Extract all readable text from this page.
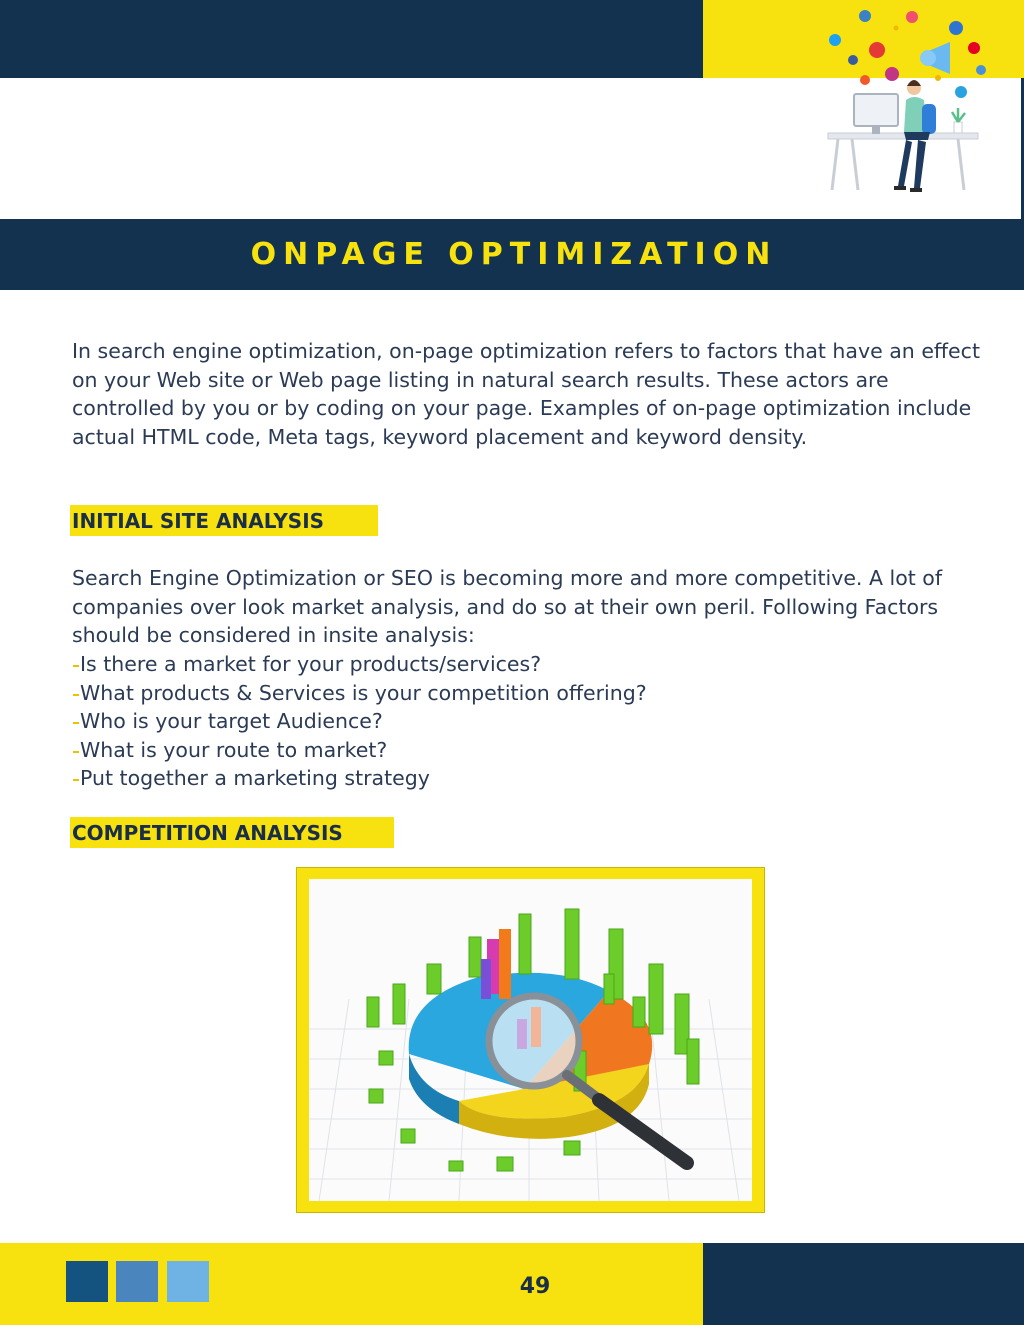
ONPAGE OPTIMIZATION

In search engine optimization, on-page optimization refers to factors that have an effect on your Web site or Web page listing in natural search results. These actors are controlled by you or by coding on your page. Examples of on-page optimization include actual HTML code, Meta tags, keyword placement and keyword density.

INITIAL SITE ANALYSIS

Search Engine Optimization or SEO is becoming more and more competitive. A lot of companies over look market analysis, and do so at their own peril. Following Factors should be considered in insite analysis:

Is there a market for your products/services?
What products & Services is your competition offering?
Who is your target Audience?
What is your route to market?
Put together a marketing strategy
COMPETITION ANALYSIS
49
